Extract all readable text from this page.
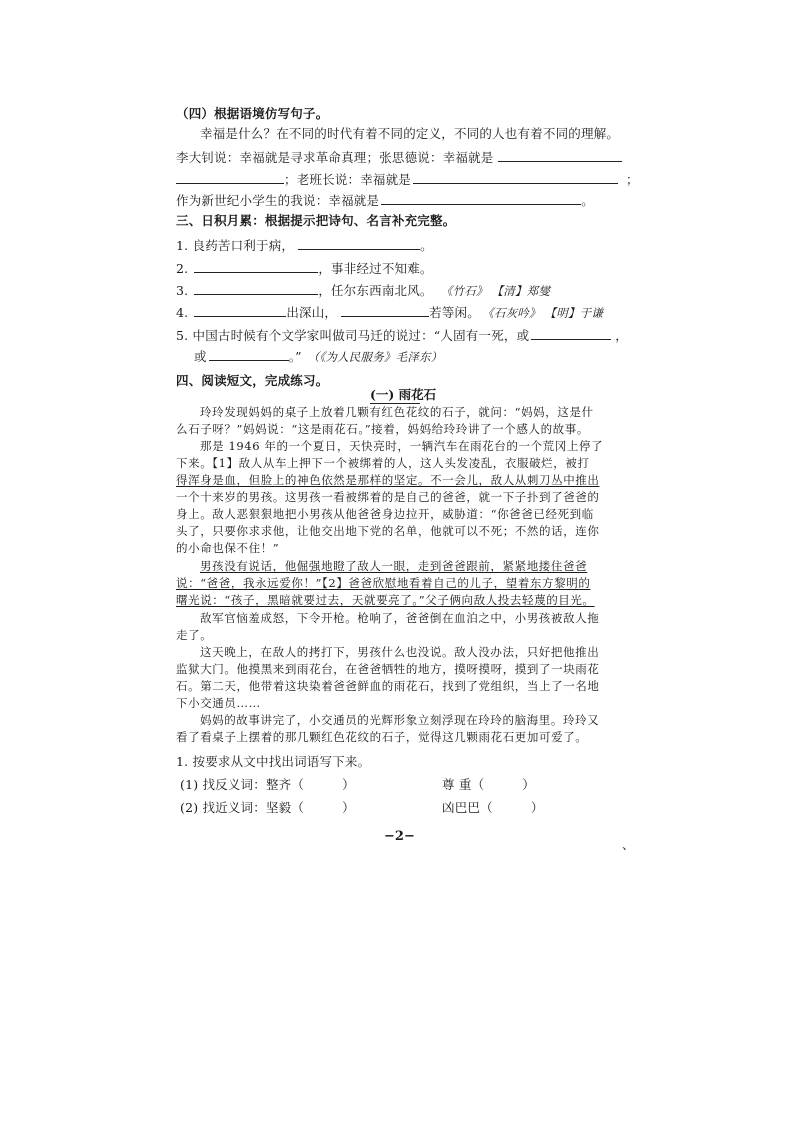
（四）根据语境仿写句子。
幸福是什么？在不同的时代有着不同的定义，不同的人也有着不同的理解。
李大钊说：幸福就是寻求革命真理；张思德说：幸福就是
；老班长说：幸福就是	；
作为新世纪小学生的我说：幸福就是	。
三、日积月累：根据提示把诗句、名言补充完整。
1. 良药苦口利于病，	。
2.	，事非经过不知难。
3.	，任尔东西南北风。 《竹石》 【清】郑燮
4.	出深山，	若等闲。 《石灰吟》 【明】于谦
5. 中国古时候有个文学家叫做司马迁的说过：“人固有一死，或	，
或	。” （《为人民服务》毛泽东）
四、阅读短文，完成练习。
(一) 雨花石
玲玲发现妈妈的桌子上放着几颗有红色花纹的石子，就问：“妈妈，这是什
么石子呀？”妈妈说：“这是雨花石。”接着，妈妈给玲玲讲了一个感人的故事。
那是 1946 年的一个夏日，天快亮时，一辆汽车在雨花台的一个荒冈上停了
下来。【1】敌人从车上押下一个被绑着的人，这人头发凌乱，衣服破烂，被打
得浑身是血，但脸上的神色依然是那样的坚定。不一会儿，敌人从刺刀丛中推出
一个十来岁的男孩。这男孩一看被绑着的是自己的爸爸，就一下子扑到了爸爸的
身上。敌人恶狠狠地把小男孩从他爸爸身边拉开，威胁道：“你爸爸已经死到临
头了，只要你求求他，让他交出地下党的名单，他就可以不死；不然的话，连你
的小命也保不住！”
男孩没有说话，他倔强地瞪了敌人一眼，走到爸爸跟前，紧紧地搂住爸爸
说：“爸爸，我永远爱你！”【2】爸爸欣慰地看着自己的儿子，望着东方黎明的
曙光说：“孩子，黑暗就要过去，天就要亮了。”父子俩向敌人投去轻蔑的目光。
敌军官恼羞成怒，下令开枪。枪响了，爸爸倒在血泊之中，小男孩被敌人拖
走了。
这天晚上，在敌人的拷打下，男孩什么也没说。敌人没办法，只好把他推出
监狱大门。他摸黑来到雨花台，在爸爸牺牲的地方，摸呀摸呀，摸到了一块雨花
石。第二天，他带着这块染着爸爸鲜血的雨花石，找到了党组织，当上了一名地
下小交通员……
妈妈的故事讲完了，小交通员的光辉形象立刻浮现在玲玲的脑海里。玲玲又
看了看桌子上摆着的那几颗红色花纹的石子，觉得这几颗雨花石更加可爱了。
1. 按要求从文中找出词语写下来。
(1) 找反义词：整齐（	）	尊 重（	）
(2) 找近义词：坚毅（	）	凶巴巴（	）
−2−
、
